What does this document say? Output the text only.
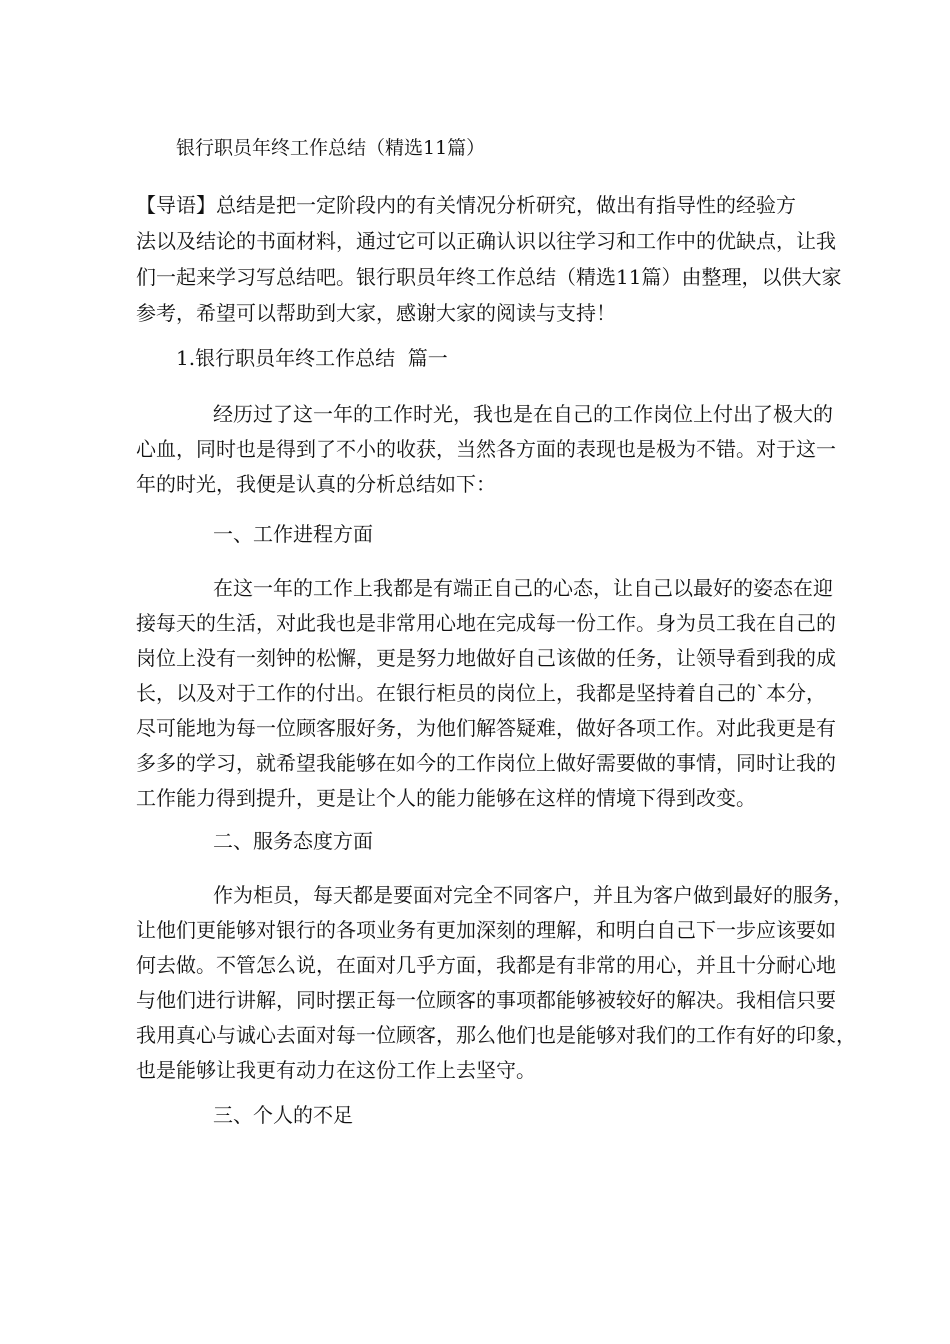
银行职员年终工作总结（精选11篇）
【导语】总结是把一定阶段内的有关情况分析研究，做出有指导性的经验方
法以及结论的书面材料，通过它可以正确认识以往学习和工作中的优缺点，让我
们一起来学习写总结吧。银行职员年终工作总结（精选11篇）由整理，以供大家
参考，希望可以帮助到大家，感谢大家的阅读与支持！
1.银行职员年终工作总结  篇一
经历过了这一年的工作时光，我也是在自己的工作岗位上付出了极大的
心血，同时也是得到了不小的收获，当然各方面的表现也是极为不错。对于这一
年的时光，我便是认真的分析总结如下：
一、工作进程方面
在这一年的工作上我都是有端正自己的心态，让自己以最好的姿态在迎
接每天的生活，对此我也是非常用心地在完成每一份工作。身为员工我在自己的
岗位上没有一刻钟的松懈，更是努力地做好自己该做的任务，让领导看到我的成
长，以及对于工作的付出。在银行柜员的岗位上，我都是坚持着自己的`本分，
尽可能地为每一位顾客服好务，为他们解答疑难，做好各项工作。对此我更是有
多多的学习，就希望我能够在如今的工作岗位上做好需要做的事情，同时让我的
工作能力得到提升，更是让个人的能力能够在这样的情境下得到改变。
二、服务态度方面
作为柜员，每天都是要面对完全不同客户，并且为客户做到最好的服务，
让他们更能够对银行的各项业务有更加深刻的理解，和明白自己下一步应该要如
何去做。不管怎么说，在面对几乎方面，我都是有非常的用心，并且十分耐心地
与他们进行讲解，同时摆正每一位顾客的事项都能够被较好的解决。我相信只要
我用真心与诚心去面对每一位顾客，那么他们也是能够对我们的工作有好的印象，
也是能够让我更有动力在这份工作上去坚守。
三、个人的不足
